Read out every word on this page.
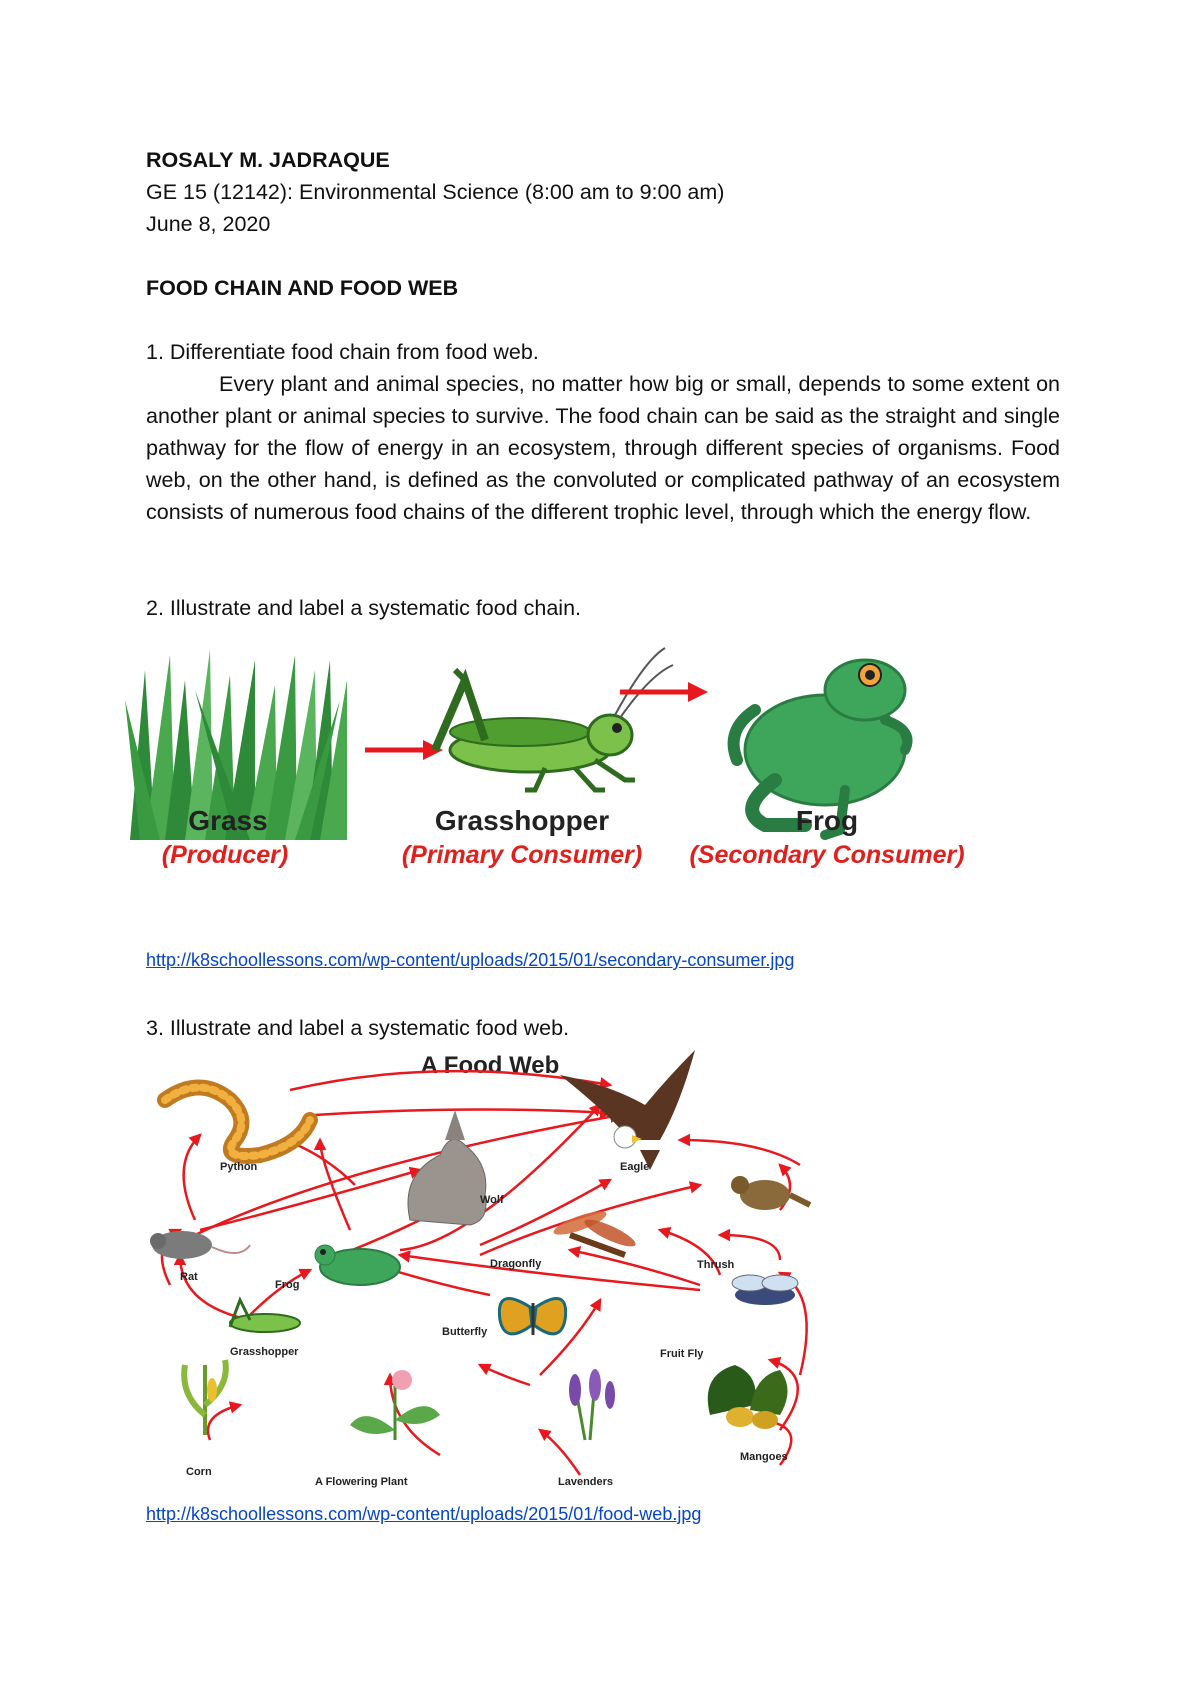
ROSALY M. JADRAQUE
GE 15 (12142): Environmental Science (8:00 am to 9:00 am)
June 8, 2020
FOOD CHAIN AND FOOD WEB
1. Differentiate food chain from food web.
Every plant and animal species, no matter how big or small, depends to some extent on another plant or animal species to survive. The food chain can be said as the straight and single pathway for the flow of energy in an ecosystem, through different species of organisms. Food web, on the other hand, is defined as the convoluted or complicated pathway of an ecosystem consists of numerous food chains of the different trophic level, through which the energy flow.
2. Illustrate and label a systematic food chain.
Grass
(Producer)
Grasshopper
(Primary Consumer)
Frog
(Secondary Consumer)
http://k8schoollessons.com/wp-content/uploads/2015/01/secondary-consumer.jpg
3. Illustrate and label a systematic food web.
A Food Web
Python	Eagle
Wolf
Rat
Frog
Dragonfly	Thrush
Butterfly
Fruit Fly
Grasshopper
Corn
A Flowering Plant	Lavenders
Mangoes
http://k8schoollessons.com/wp-content/uploads/2015/01/food-web.jpg
